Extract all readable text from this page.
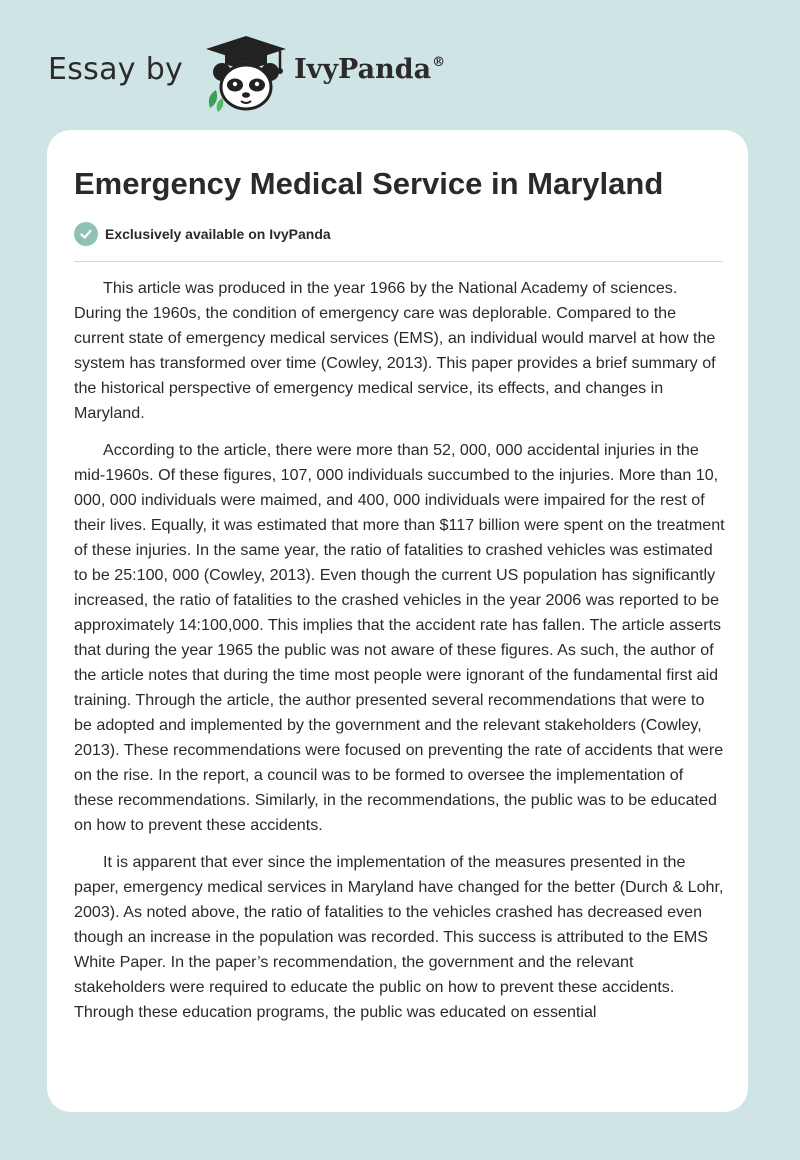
Essay by	IvyPanda®
Emergency Medical Service in Maryland
Exclusively available on IvyPanda

This article was produced in the year 1966 by the National Academy of sciences. During the 1960s, the condition of emergency care was deplorable. Compared to the current state of emergency medical services (EMS), an individual would marvel at how the system has transformed over time (Cowley, 2013). This paper provides a brief summary of the historical perspective of emergency medical service, its effects, and changes in Maryland.

According to the article, there were more than 52, 000, 000 accidental injuries in the mid-1960s. Of these figures, 107, 000 individuals succumbed to the injuries. More than 10, 000, 000 individuals were maimed, and 400, 000 individuals were impaired for the rest of their lives. Equally, it was estimated that more than $117 billion were spent on the treatment of these injuries. In the same year, the ratio of fatalities to crashed vehicles was estimated to be 25:100, 000 (Cowley, 2013). Even though the current US population has significantly increased, the ratio of fatalities to the crashed vehicles in the year 2006 was reported to be approximately 14:100,000. This implies that the accident rate has fallen. The article asserts that during the year 1965 the public was not aware of these figures. As such, the author of the article notes that during the time most people were ignorant of the fundamental first aid training. Through the article, the author presented several recommendations that were to be adopted and implemented by the government and the relevant stakeholders (Cowley, 2013). These recommendations were focused on preventing the rate of accidents that were on the rise. In the report, a council was to be formed to oversee the implementation of these recommendations. Similarly, in the recommendations, the public was to be educated on how to prevent these accidents.

It is apparent that ever since the implementation of the measures presented in the paper, emergency medical services in Maryland have changed for the better (Durch & Lohr, 2003). As noted above, the ratio of fatalities to the vehicles crashed has decreased even though an increase in the population was recorded. This success is attributed to the EMS White Paper. In the paper’s recommendation, the government and the relevant stakeholders were required to educate the public on how to prevent these accidents. Through these education programs, the public was educated on essential
